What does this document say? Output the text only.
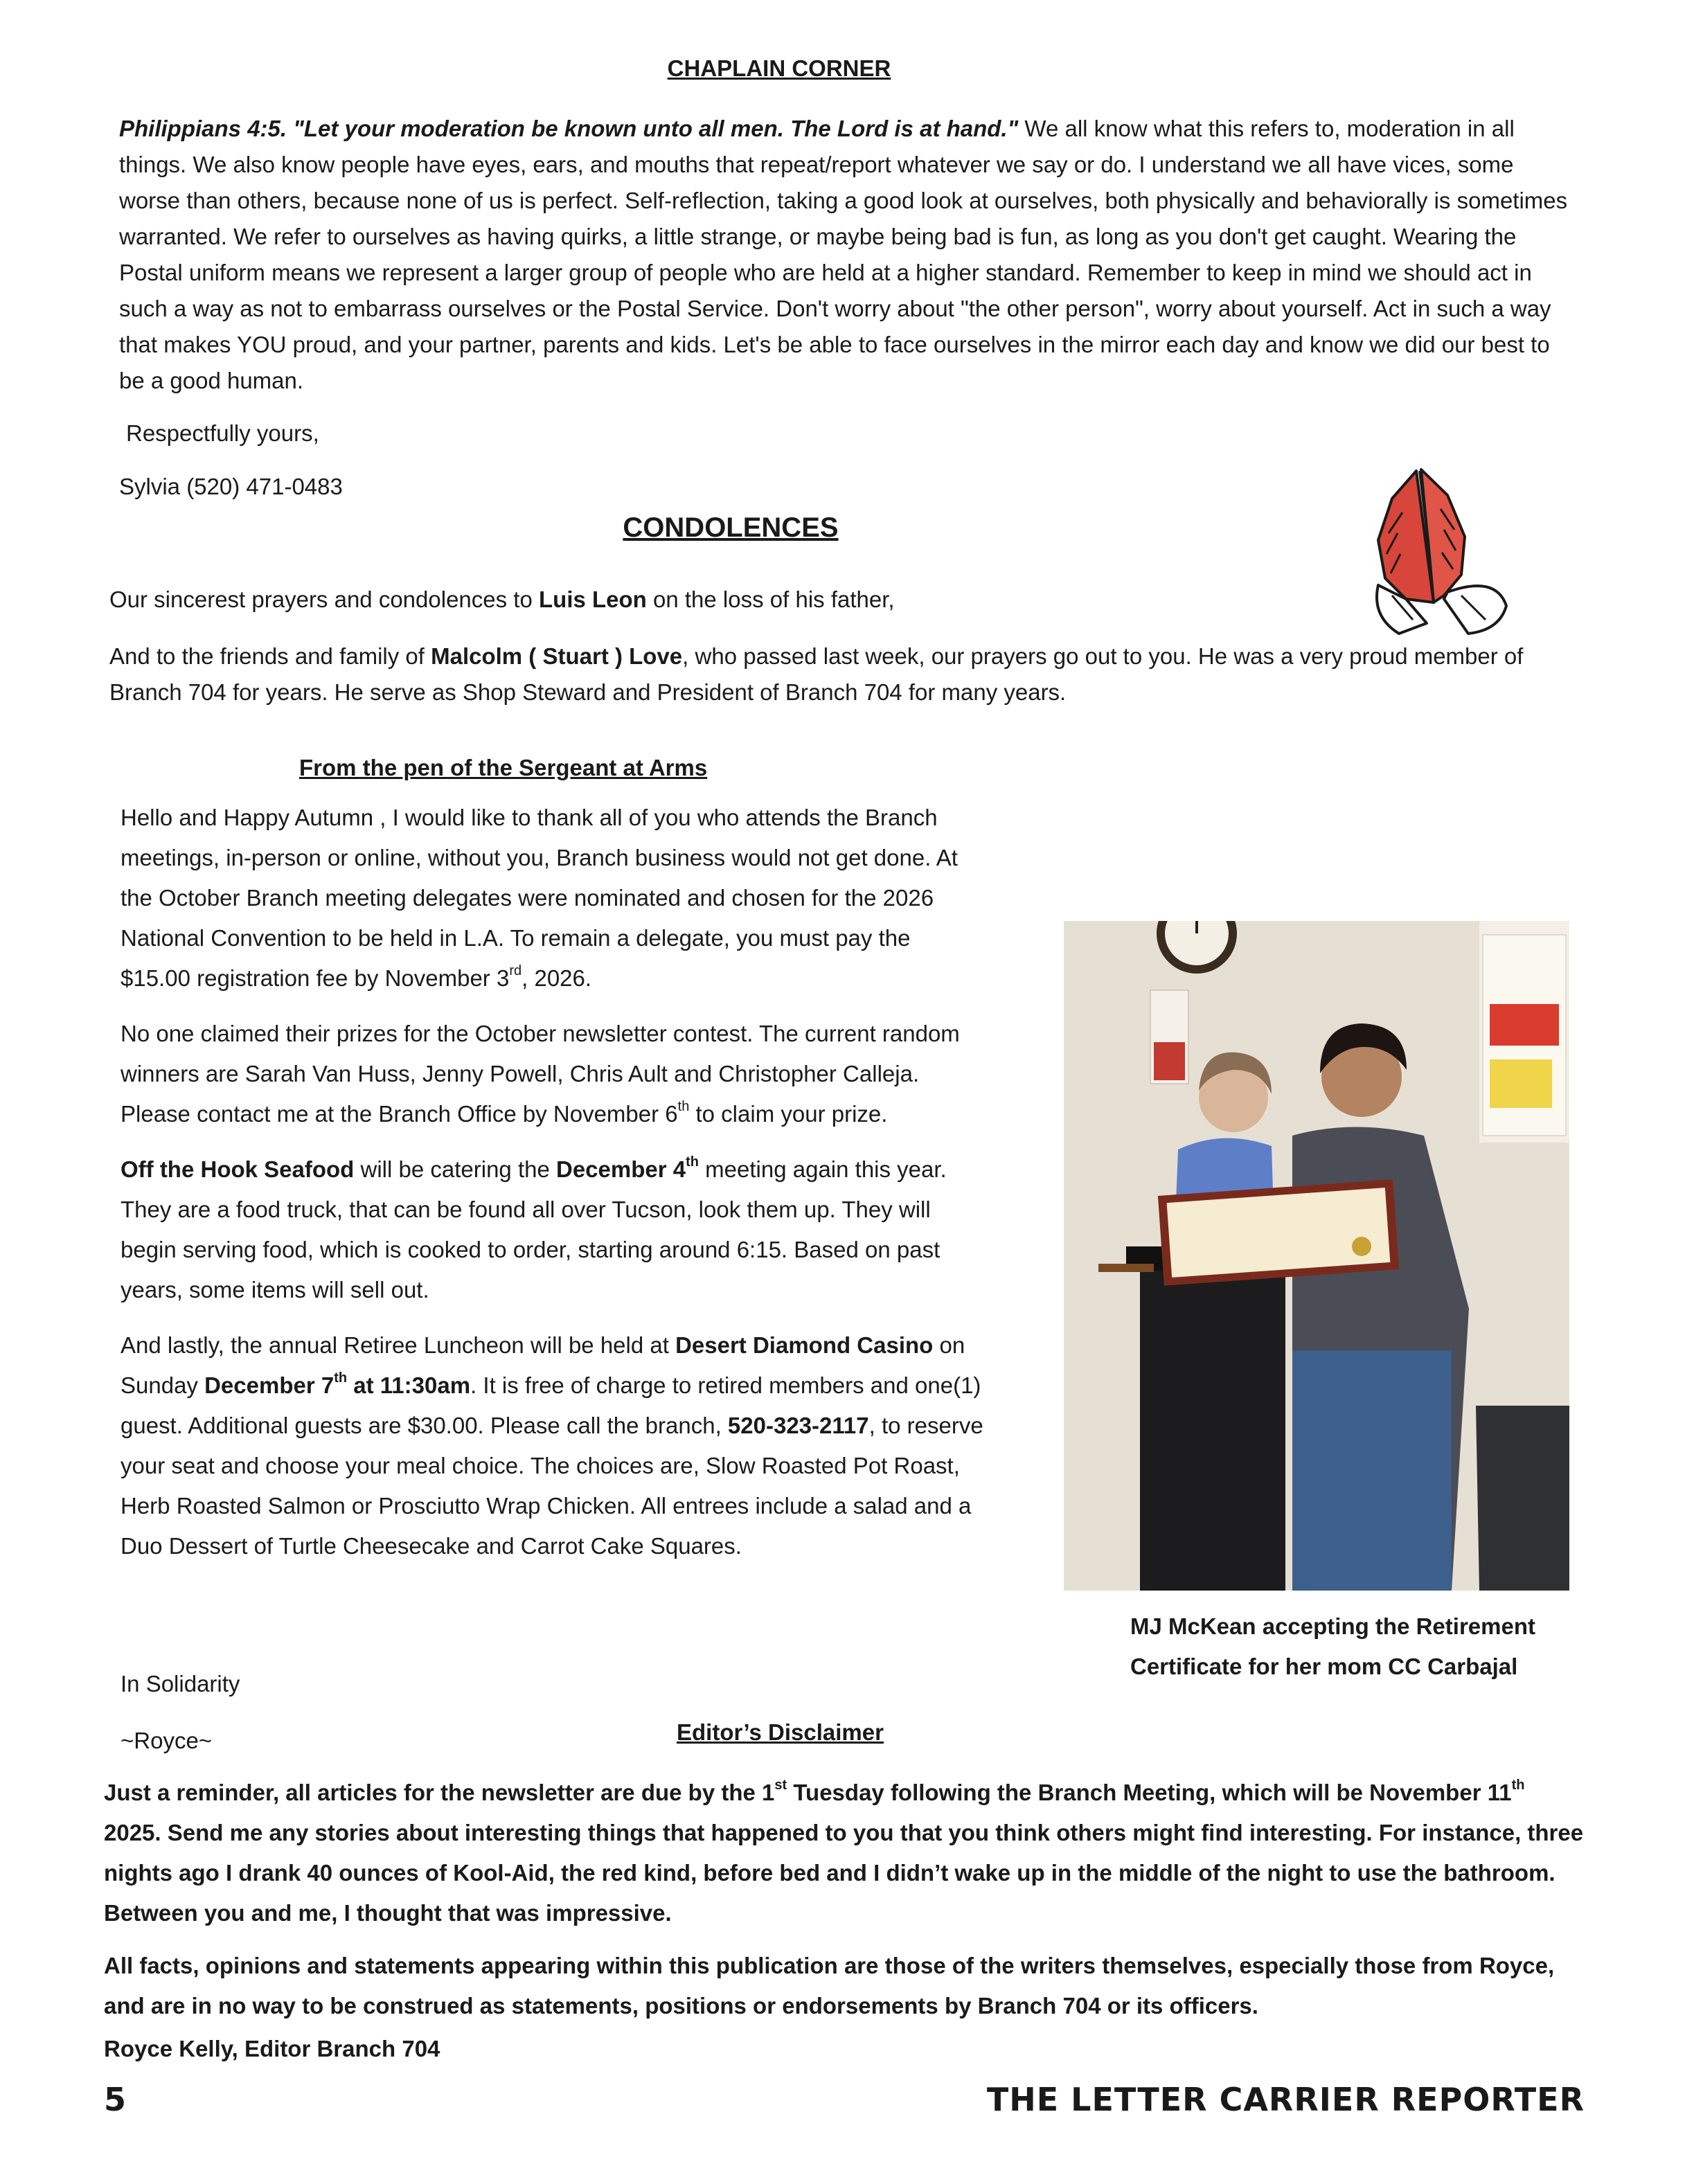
CHAPLAIN CORNER

Philippians 4:5. "Let your moderation be known unto all men. The Lord is at hand." We all know what this refers to, moderation in all things. We also know people have eyes, ears, and mouths that repeat/report whatever we say or do. I understand we all have vices, some worse than others, because none of us is perfect. Self-reflection, taking a good look at ourselves, both physically and behaviorally is sometimes warranted. We refer to ourselves as having quirks, a little strange, or maybe being bad is fun, as long as you don't get caught. Wearing the Postal uniform means we represent a larger group of people who are held at a higher standard. Remember to keep in mind we should act in such a way as not to embarrass ourselves or the Postal Service. Don't worry about "the other person", worry about yourself. Act in such a way that makes YOU proud, and your partner, parents and kids. Let's be able to face ourselves in the mirror each day and know we did our best to be a good human.

Respectfully yours,
Sylvia (520) 471-0483
CONDOLENCES

Our sincerest prayers and condolences to Luis Leon on the loss of his father,

And to the friends and family of Malcolm ( Stuart ) Love, who passed last week, our prayers go out to you. He was a very proud member of Branch 704 for years. He serve as Shop Steward and President of Branch 704 for many years.

From the pen of the Sergeant at Arms

Hello and Happy Autumn , I would like to thank all of you who attends the Branch meetings, in-person or online, without you, Branch business would not get done. At the October Branch meeting delegates were nominated and chosen for the 2026 National Convention to be held in L.A. To remain a delegate, you must pay the $15.00 registration fee by November 3rd, 2026.

No one claimed their prizes for the October newsletter contest. The current random winners are Sarah Van Huss, Jenny Powell, Chris Ault and Christopher Calleja. Please contact me at the Branch Office by November 6th to claim your prize.

Off the Hook Seafood will be catering the December 4th meeting again this year. They are a food truck, that can be found all over Tucson, look them up. They will begin serving food, which is cooked to order, starting around 6:15. Based on past years, some items will sell out.

And lastly, the annual Retiree Luncheon will be held at Desert Diamond Casino on Sunday December 7th at 11:30am. It is free of charge to retired members and one(1) guest. Additional guests are $30.00. Please call the branch, 520-323-2117, to reserve your seat and choose your meal choice. The choices are, Slow Roasted Pot Roast, Herb Roasted Salmon or Prosciutto Wrap Chicken. All entrees include a salad and a Duo Dessert of Turtle Cheesecake and Carrot Cake Squares.

In Solidarity
~Royce~
MJ McKean accepting the Retirement Certificate for her mom CC Carbajal
Editor’s Disclaimer

Just a reminder, all articles for the newsletter are due by the 1st Tuesday following the Branch Meeting, which will be November 11th 2025. Send me any stories about interesting things that happened to you that you think others might find interesting. For instance, three nights ago I drank 40 ounces of Kool-Aid, the red kind, before bed and I didn’t wake up in the middle of the night to use the bathroom. Between you and me, I thought that was impressive.

All facts, opinions and statements appearing within this publication are those of the writers themselves, especially those from Royce, and are in no way to be construed as statements, positions or endorsements by Branch 704 or its officers.

Royce Kelly, Editor Branch 704
5	THE LETTER CARRIER REPORTER
